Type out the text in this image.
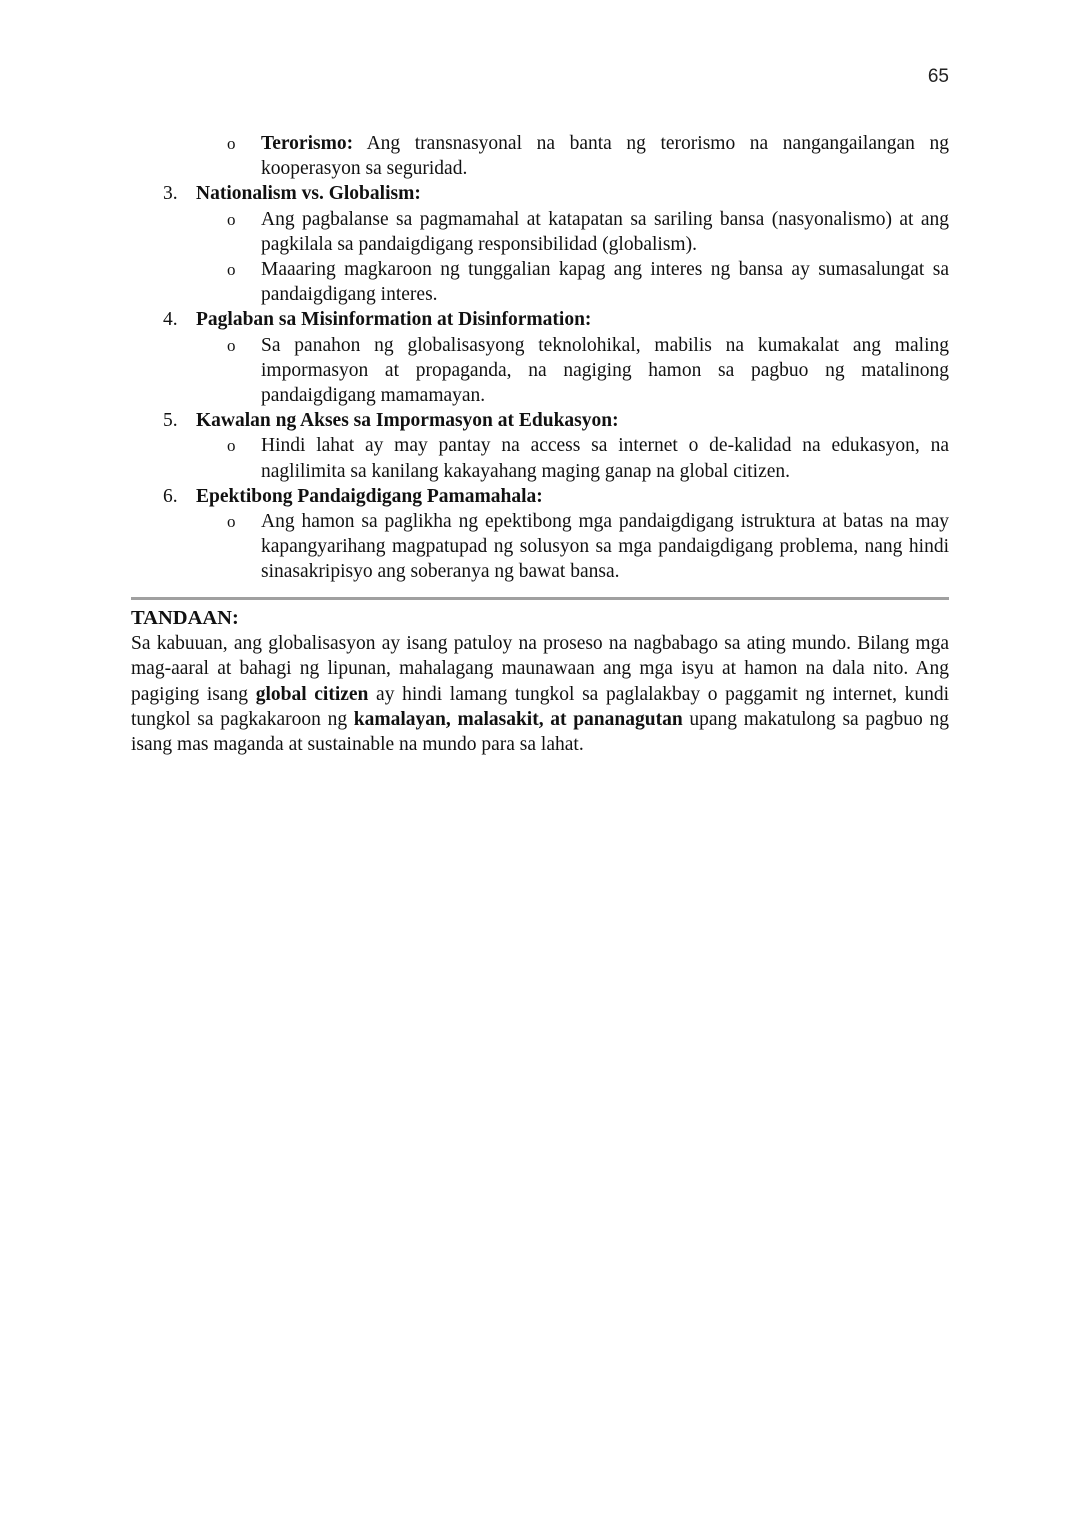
65
o Terorismo: Ang transnasyonal na banta ng terorismo na nangangailangan ng kooperasyon sa seguridad.
3. Nationalism vs. Globalism:
o Ang pagbalanse sa pagmamahal at katapatan sa sariling bansa (nasyonalismo) at ang pagkilala sa pandaigdigang responsibilidad (globalism).
o Maaaring magkaroon ng tunggalian kapag ang interes ng bansa ay sumasalungat sa pandaigdigang interes.
4. Paglaban sa Misinformation at Disinformation:
o Sa panahon ng globalisasyong teknolohikal, mabilis na kumakalat ang maling impormasyon at propaganda, na nagiging hamon sa pagbuo ng matalinong pandaigdigang mamamayan.
5. Kawalan ng Akses sa Impormasyon at Edukasyon:
o Hindi lahat ay may pantay na access sa internet o de-kalidad na edukasyon, na naglilimita sa kanilang kakayahang maging ganap na global citizen.
6. Epektibong Pandaigdigang Pamamahala:
o Ang hamon sa paglikha ng epektibong mga pandaigdigang istruktura at batas na may kapangyarihang magpatupad ng solusyon sa mga pandaigdigang problema, nang hindi sinasakripisyo ang soberanya ng bawat bansa.
TANDAAN:
Sa kabuuan, ang globalisasyon ay isang patuloy na proseso na nagbabago sa ating mundo. Bilang mga mag-aaral at bahagi ng lipunan, mahalagang maunawaan ang mga isyu at hamon na dala nito. Ang pagiging isang global citizen ay hindi lamang tungkol sa paglalakbay o paggamit ng internet, kundi tungkol sa pagkakaroon ng kamalayan, malasakit, at pananagutan upang makatulong sa pagbuo ng isang mas maganda at sustainable na mundo para sa lahat.
